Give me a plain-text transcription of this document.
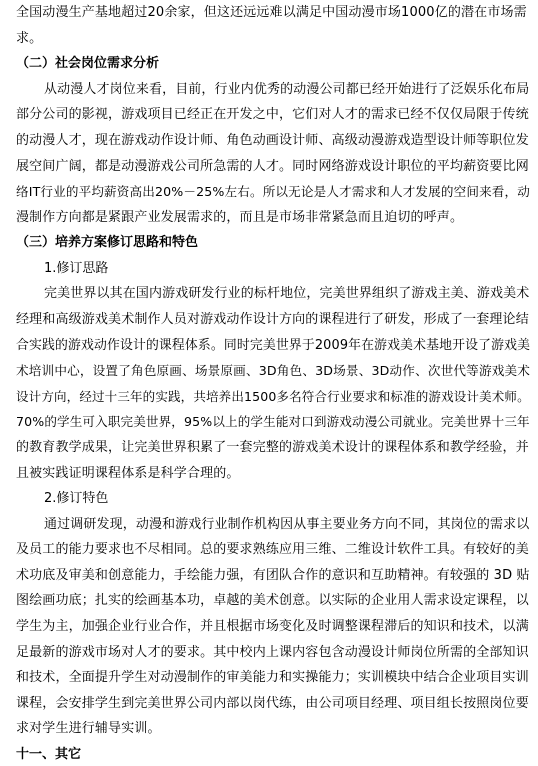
全国动漫生产基地超过20余家，但这还远远难以满足中国动漫市场1000亿的潜在市场需
求。
（二）社会岗位需求分析
从动漫人才岗位来看，目前，行业内优秀的动漫公司都已经开始进行了泛娱乐化布局
部分公司的影视，游戏项目已经正在开发之中，它们对人才的需求已经不仅仅局限于传统
的动漫人才，现在游戏动作设计师、角色动画设计师、高级动漫游戏造型设计师等职位发
展空间广阔，都是动漫游戏公司所急需的人才。同时网络游戏设计职位的平均薪资要比网
络IT行业的平均薪资高出20%－25%左右。所以无论是人才需求和人才发展的空间来看，动
漫制作方向都是紧跟产业发展需求的，而且是市场非常紧急而且迫切的呼声。
（三）培养方案修订思路和特色
1.修订思路
完美世界以其在国内游戏研发行业的标杆地位，完美世界组织了游戏主美、游戏美术
经理和高级游戏美术制作人员对游戏动作设计方向的课程进行了研发，形成了一套理论结
合实践的游戏动作设计的课程体系。同时完美世界于2009年在游戏美术基地开设了游戏美
术培训中心，设置了角色原画、场景原画、3D角色、3D场景、3D动作、次世代等游戏美术
设计方向，经过十三年的实践，共培养出1500多名符合行业要求和标准的游戏设计美术师。
70%的学生可入职完美世界，95%以上的学生能对口到游戏动漫公司就业。完美世界十三年
的教育教学成果，让完美世界积累了一套完整的游戏美术设计的课程体系和教学经验，并
且被实践证明课程体系是科学合理的。
2.修订特色
通过调研发现，动漫和游戏行业制作机构因从事主要业务方向不同，其岗位的需求以
及员工的能力要求也不尽相同。总的要求熟练应用三维、二维设计软件工具。有较好的美
术功底及审美和创意能力，手绘能力强，有团队合作的意识和互助精神。有较强的 3D 贴
图绘画功底；扎实的绘画基本功，卓越的美术创意。以实际的企业用人需求设定课程，以
学生为主，加强企业行业合作，并且根据市场变化及时调整课程滞后的知识和技术，以满
足最新的游戏市场对人才的要求。其中校内上课内容包含动漫设计师岗位所需的全部知识
和技术，全面提升学生对动漫制作的审美能力和实操能力；实训模块中结合企业项目实训
课程，会安排学生到完美世界公司内部以岗代练，由公司项目经理、项目组长按照岗位要
求对学生进行辅导实训。
十一、其它
